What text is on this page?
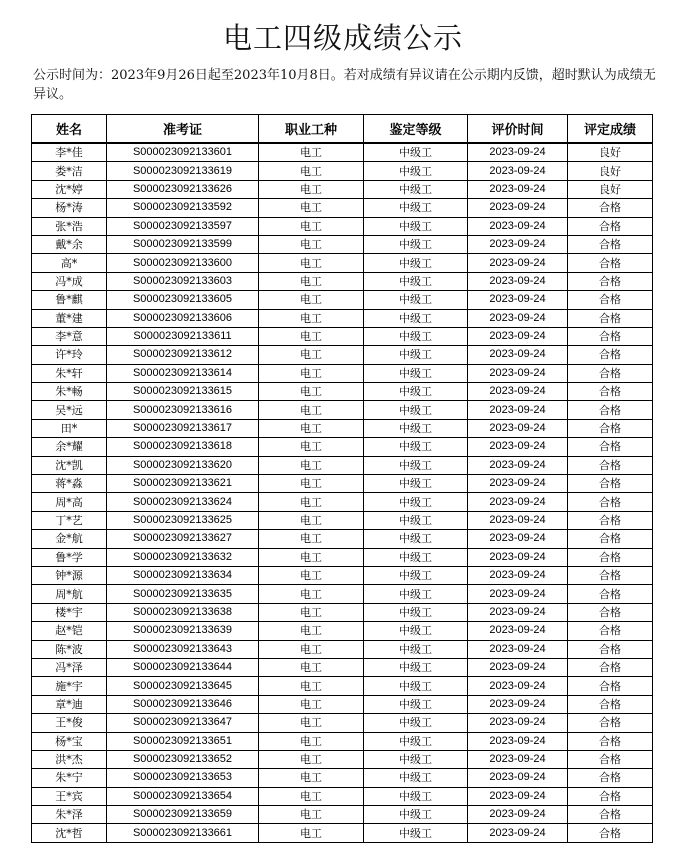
电工四级成绩公示
公示时间为：2023年9月26日起至2023年10月8日。若对成绩有异议请在公示期内反馈，超时默认为成绩无异议。
姓名	准考证	职业工种	鉴定等级	评价时间	评定成绩
李*佳	S000023092133601	电工	中级工	2023-09-24	良好
娄*洁	S000023092133619	电工	中级工	2023-09-24	良好
沈*婷	S000023092133626	电工	中级工	2023-09-24	良好
杨*涛	S000023092133592	电工	中级工	2023-09-24	合格
张*浩	S000023092133597	电工	中级工	2023-09-24	合格
戴*余	S000023092133599	电工	中级工	2023-09-24	合格
高*	S000023092133600	电工	中级工	2023-09-24	合格
冯*成	S000023092133603	电工	中级工	2023-09-24	合格
鲁*麒	S000023092133605	电工	中级工	2023-09-24	合格
董*建	S000023092133606	电工	中级工	2023-09-24	合格
李*意	S000023092133611	电工	中级工	2023-09-24	合格
许*玲	S000023092133612	电工	中级工	2023-09-24	合格
朱*轩	S000023092133614	电工	中级工	2023-09-24	合格
朱*畅	S000023092133615	电工	中级工	2023-09-24	合格
吴*远	S000023092133616	电工	中级工	2023-09-24	合格
田*	S000023092133617	电工	中级工	2023-09-24	合格
余*耀	S000023092133618	电工	中级工	2023-09-24	合格
沈*凯	S000023092133620	电工	中级工	2023-09-24	合格
蒋*淼	S000023092133621	电工	中级工	2023-09-24	合格
周*高	S000023092133624	电工	中级工	2023-09-24	合格
丁*艺	S000023092133625	电工	中级工	2023-09-24	合格
金*航	S000023092133627	电工	中级工	2023-09-24	合格
鲁*学	S000023092133632	电工	中级工	2023-09-24	合格
钟*源	S000023092133634	电工	中级工	2023-09-24	合格
周*航	S000023092133635	电工	中级工	2023-09-24	合格
楼*宇	S000023092133638	电工	中级工	2023-09-24	合格
赵*铠	S000023092133639	电工	中级工	2023-09-24	合格
陈*波	S000023092133643	电工	中级工	2023-09-24	合格
冯*泽	S000023092133644	电工	中级工	2023-09-24	合格
施*宇	S000023092133645	电工	中级工	2023-09-24	合格
章*迪	S000023092133646	电工	中级工	2023-09-24	合格
王*俊	S000023092133647	电工	中级工	2023-09-24	合格
杨*宝	S000023092133651	电工	中级工	2023-09-24	合格
洪*杰	S000023092133652	电工	中级工	2023-09-24	合格
朱*宁	S000023092133653	电工	中级工	2023-09-24	合格
王*宾	S000023092133654	电工	中级工	2023-09-24	合格
朱*泽	S000023092133659	电工	中级工	2023-09-24	合格
沈*哲	S000023092133661	电工	中级工	2023-09-24	合格
